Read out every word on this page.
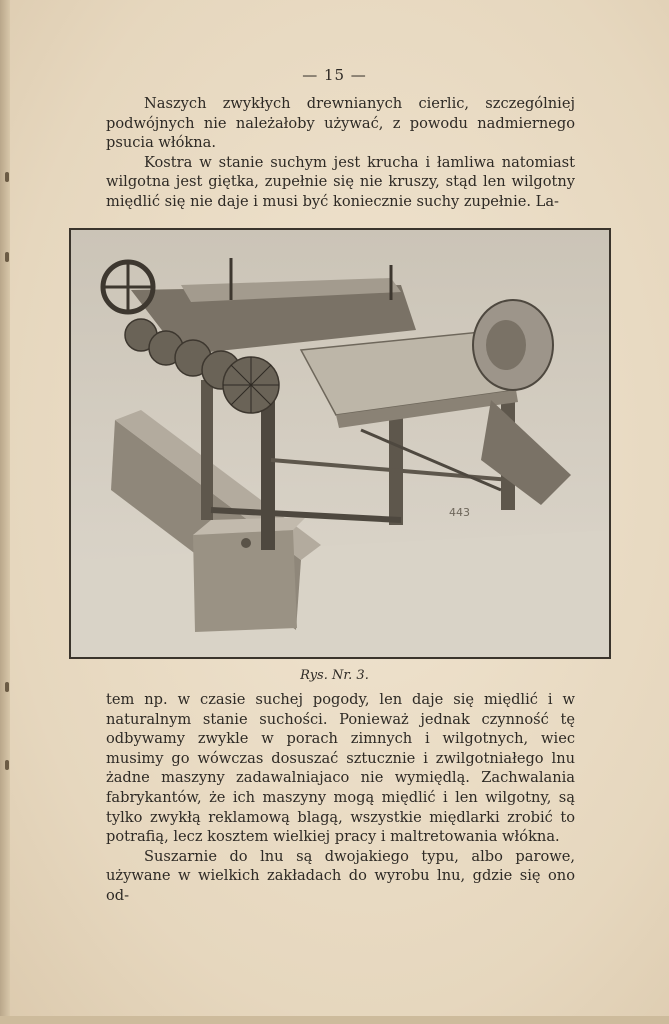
— 15 —

Naszych zwykłych drewnianych cierlic, szczególniej podwójnych nie należałoby używać, z powodu nadmiernego psucia włókna.

Kostra w stanie suchym jest krucha i łamliwa natomiast wilgotna jest giętka, zupełnie się nie kruszy, stąd len wilgotny międlić się nie daje i musi być koniecznie suchy zupełnie. La-

443
Rys. Nr. 3.

tem np. w czasie suchej pogody, len daje się międlić i w naturalnym stanie suchości. Ponieważ jednak czynność tę odbywamy zwykle w porach zimnych i wilgotnych, wiec musimy go wówczas dosuszać sztucznie i zwilgotniałego lnu żadne maszyny zadawalniajaco nie wymiędlą. Zachwalania fabrykantów, że ich maszyny mogą międlić i len wilgotny, są tylko zwykłą reklamową blagą, wszystkie międlarki zrobić to potrafią, lecz kosztem wielkiej pracy i maltretowania włókna.

Suszarnie do lnu są dwojakiego typu, albo parowe, używane w wielkich zakładach do wyrobu lnu, gdzie się ono od-
